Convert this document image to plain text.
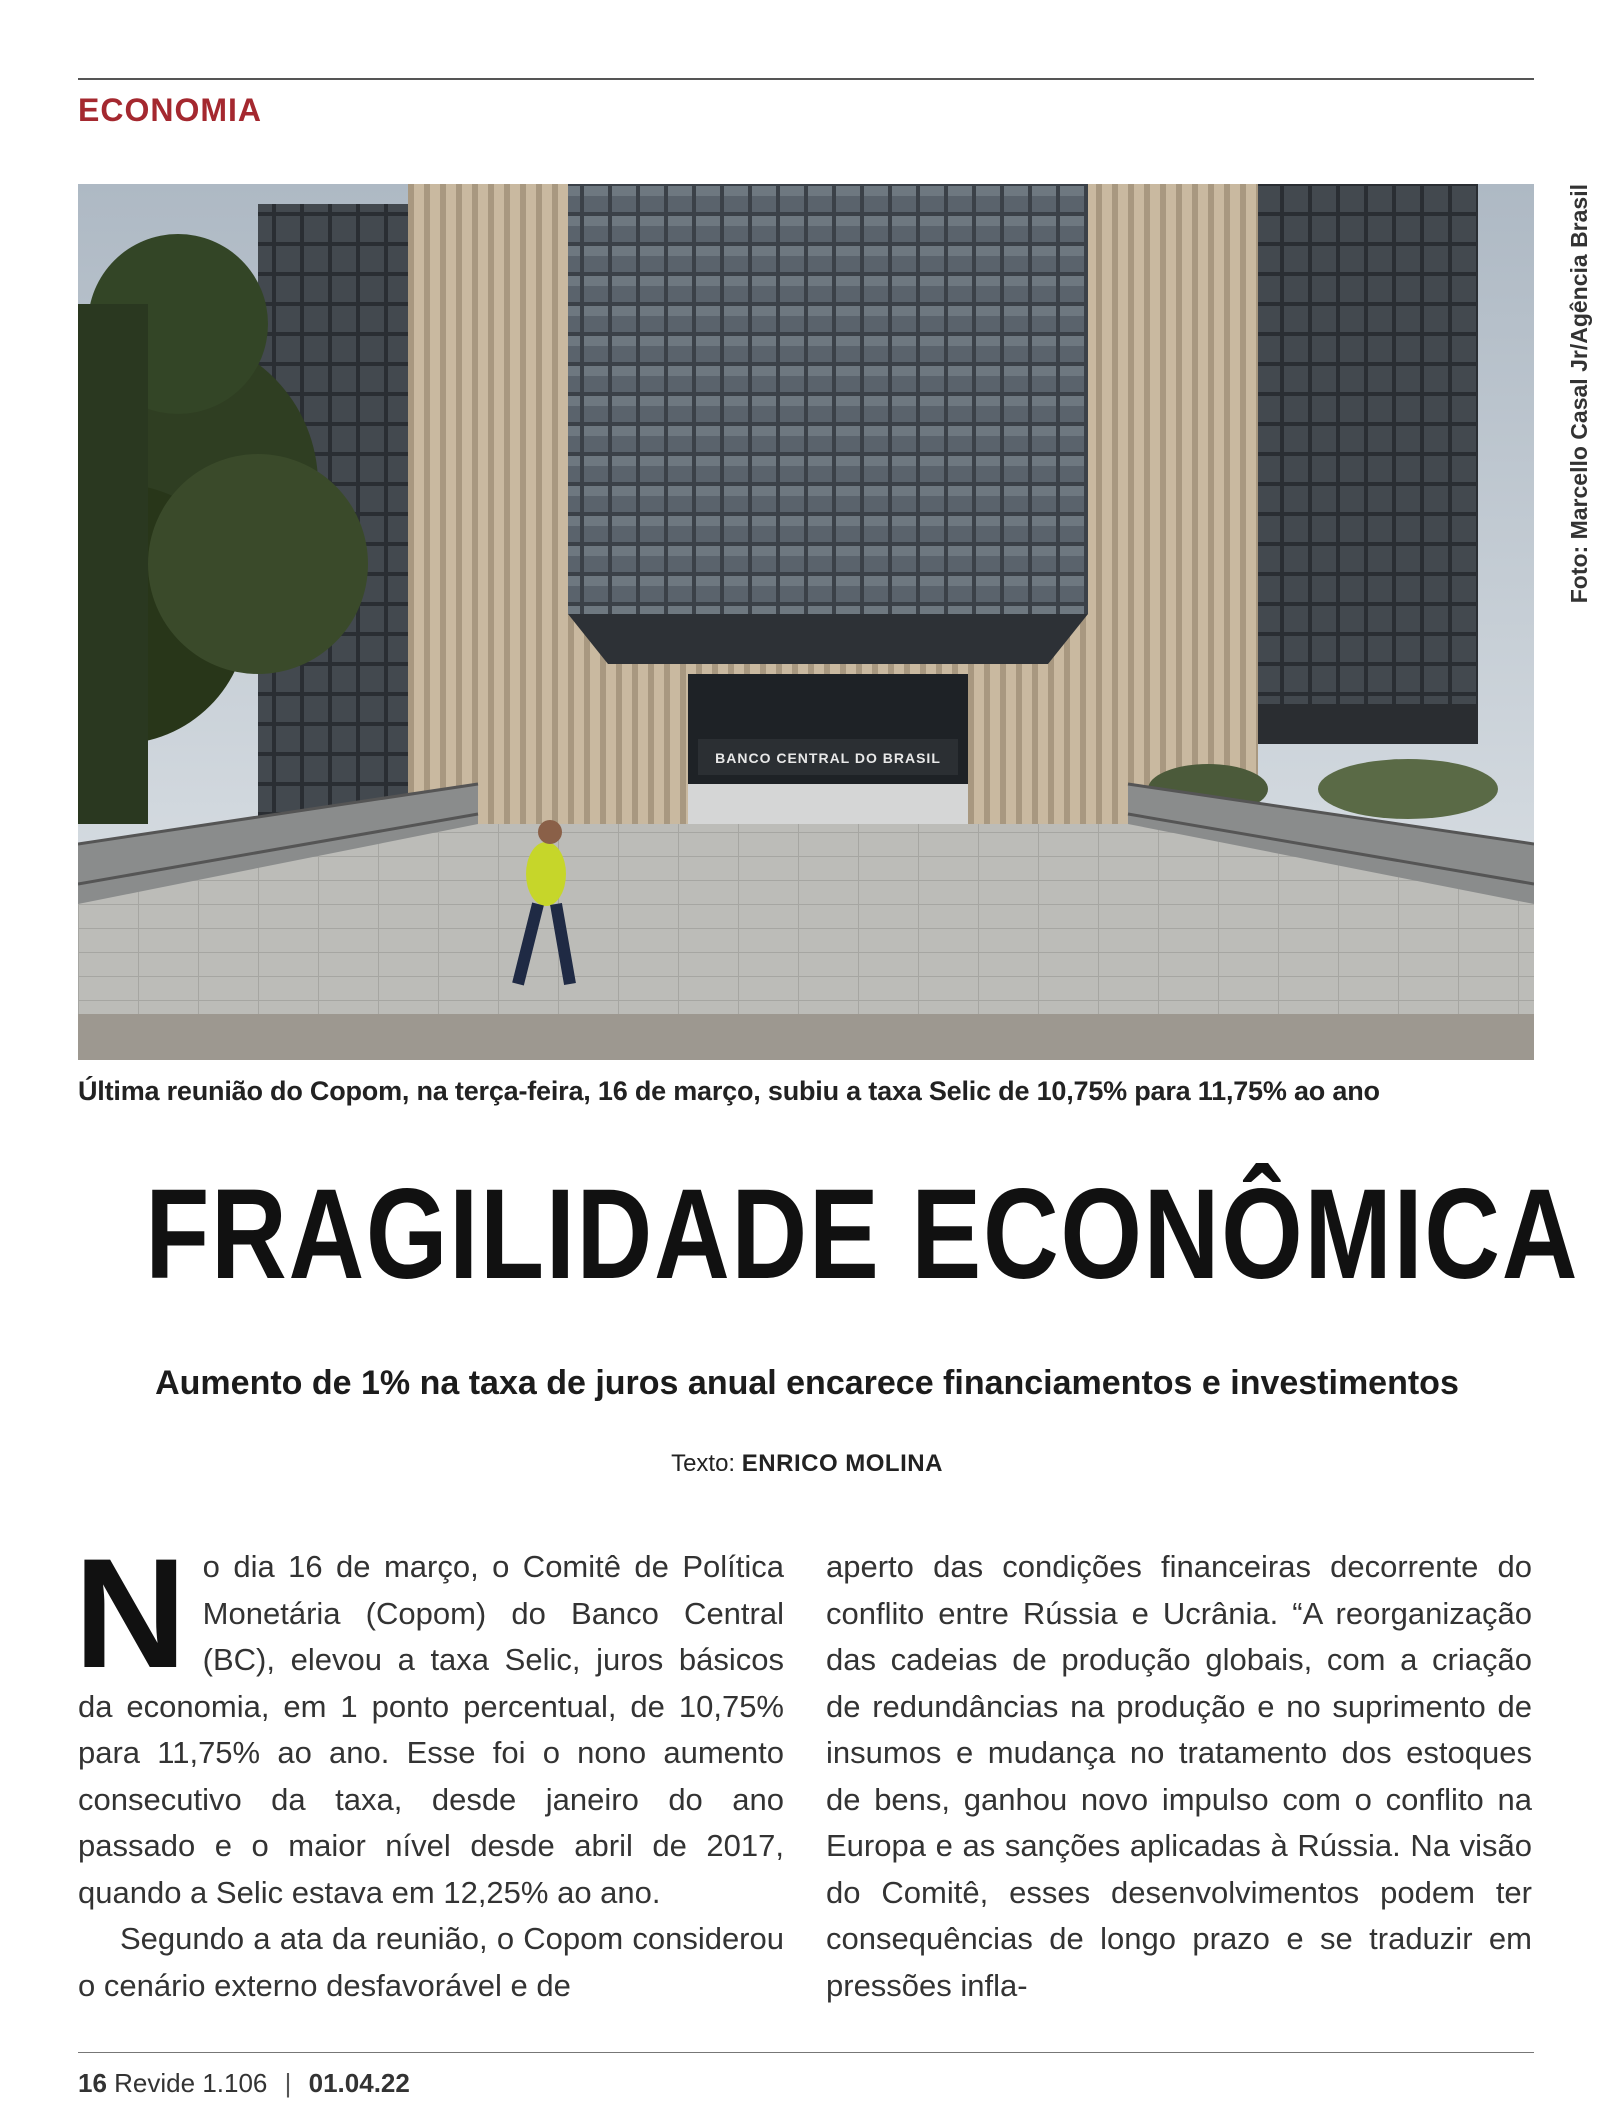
ECONOMIA
BANCO CENTRAL DO BRASIL
Foto: Marcello Casal Jr/Agência Brasil
Última reunião do Copom, na terça-feira, 16 de março, subiu a taxa Selic de 10,75% para 11,75% ao ano
FRAGILIDADE ECONÔMICA
Aumento de 1% na taxa de juros anual encarece financiamentos e investimentos
Texto: ENRICO MOLINA

No dia 16 de março, o Comitê de Política Monetária (Copom) do Banco Central (BC), elevou a taxa Selic, juros básicos da economia, em 1 ponto percentual, de 10,75% para 11,75% ao ano. Esse foi o nono aumento consecutivo da taxa, desde janeiro do ano passado e o maior nível desde abril de 2017, quando a Selic estava em 12,25% ao ano.

Segundo a ata da reunião, o Copom considerou o cenário externo desfavorável e de

aperto das condições financeiras decorrente do conflito entre Rússia e Ucrânia. “A reorganização das cadeias de produção globais, com a criação de redundâncias na produção e no suprimento de insumos e mudança no tratamento dos estoques de bens, ganhou novo impulso com o conflito na Europa e as sanções aplicadas à Rússia. Na visão do Comitê, esses desenvolvimentos podem ter consequências de longo prazo e se traduzir em pressões infla-

16 Revide 1.106 | 01.04.22
